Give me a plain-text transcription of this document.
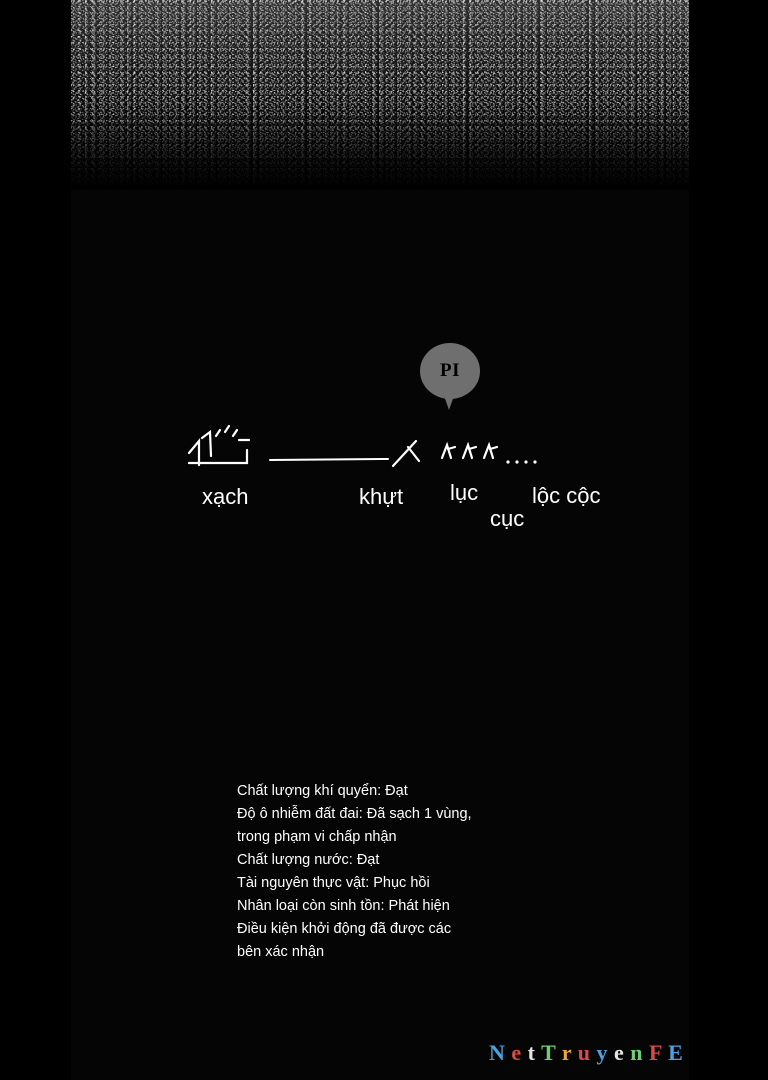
PI
xạch	khựt lục
cục
lộc cộc
Chất lượng khí quyển: Đạt
Độ ô nhiễm đất đai: Đã sạch 1 vùng,
trong phạm vi chấp nhận
Chất lượng nước: Đạt
Tài nguyên thực vật: Phục hồi
Nhân loại còn sinh tồn: Phát hiện
Điều kiện khởi động đã được các
bên xác nhận
N e t T r u y e n F E
